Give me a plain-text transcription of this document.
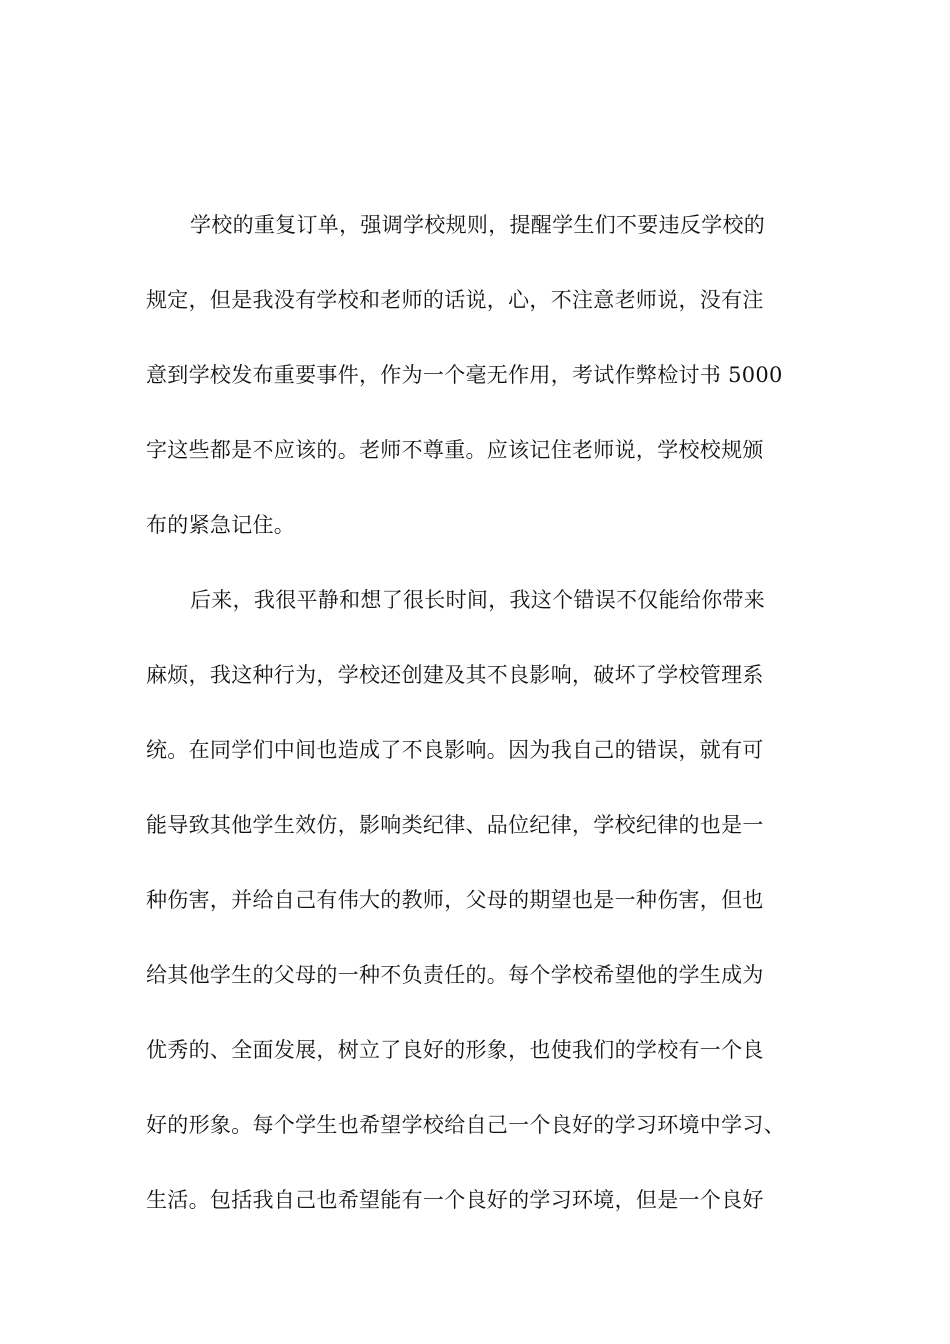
学校的重复订单，强调学校规则，提醒学生们不要违反学校的
规定，但是我没有学校和老师的话说，心，不注意老师说，没有注
意到学校发布重要事件，作为一个毫无作用，考试作弊检讨书 5000
字这些都是不应该的。老师不尊重。应该记住老师说，学校校规颁
布的紧急记住。
后来，我很平静和想了很长时间，我这个错误不仅能给你带来
麻烦，我这种行为，学校还创建及其不良影响，破坏了学校管理系
统。在同学们中间也造成了不良影响。因为我自己的错误，就有可
能导致其他学生效仿，影响类纪律、品位纪律，学校纪律的也是一
种伤害，并给自己有伟大的教师，父母的期望也是一种伤害，但也
给其他学生的父母的一种不负责任的。每个学校希望他的学生成为
优秀的、全面发展，树立了良好的形象，也使我们的学校有一个良
好的形象。每个学生也希望学校给自己一个良好的学习环境中学习、
生活。包括我自己也希望能有一个良好的学习环境，但是一个良好
